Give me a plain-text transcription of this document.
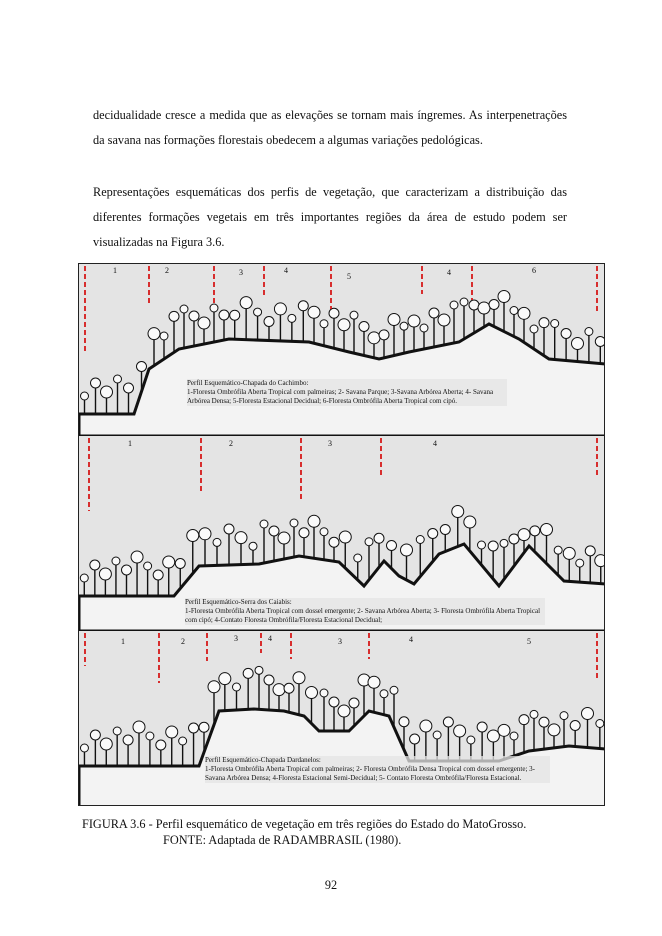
decidualidade cresce a medida que as elevações se tornam mais íngremes. As interpenetrações da savana nas formações florestais obedecem a algumas variações pedológicas.

Representações esquemáticas dos perfis de vegetação, que caracterizam a distribuição das diferentes formações vegetais em três importantes regiões da área de estudo podem ser visualizadas na Figura 3.6.

1	2	3	4
5	4	6
Perfil Esquemático-Chapada do Cachimbo:
1-Floresta Ombrófila Aberta Tropical com palmeiras; 2- Savana Parque; 3-Savana Arbórea Aberta; 4- Savana Arbórea Densa; 5-Floresta Estacional Decidual; 6-Floresta Ombrófila Aberta Tropical com cipó.
1	2	3	4
Perfil Esquemático-Serra dos Caiabis:
1-Floresta Ombrófila Aberta Tropical com dossel emergente; 2- Savana Arbórea Aberta; 3- Floresta Ombrófila Aberta Tropical com cipó; 4-Contato Floresta Ombrófila/Floresta Estacional Decidual;
1	2	3	4	3	4	5
Perfil Esquemático-Chapada Dardanelos:
1-Floresta Ombrófila Aberta Tropical com palmeiras; 2- Floresta Ombrófila Densa Tropical com dossel emergente; 3- Savana Arbórea Densa; 4-Floresta Estacional Semi-Decidual; 5- Contato Floresta Ombrófila/Floresta Estacional.
FIGURA 3.6 - Perfil esquemático de vegetação em três regiões do Estado do MatoGrosso.
FONTE: Adaptada de RADAMBRASIL (1980).
92
